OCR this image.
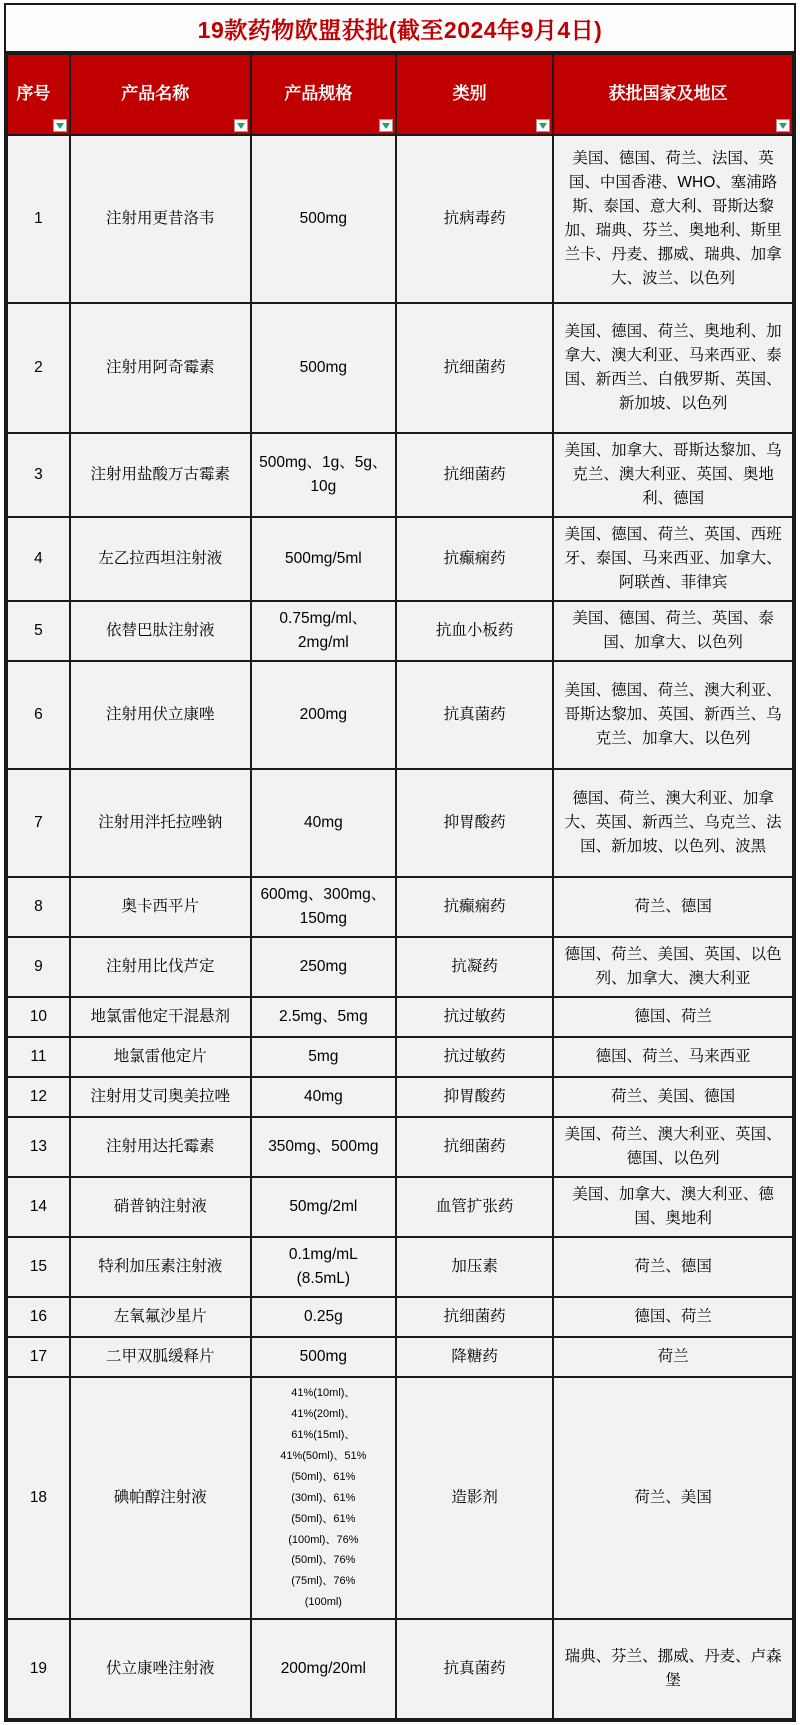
19款药物欧盟获批(截至2024年9月4日)

序号	产品名称	产品规格	类别	获批国家及地区

1	注射用更昔洛韦	500mg	抗病毒药	美国、德国、荷兰、法国、英国、中国香港、WHO、塞浦路斯、泰国、意大利、哥斯达黎加、瑞典、芬兰、奥地利、斯里兰卡、丹麦、挪威、瑞典、加拿大、波兰、以色列
2	注射用阿奇霉素	500mg	抗细菌药	美国、德国、荷兰、奥地利、加拿大、澳大利亚、马来西亚、泰国、新西兰、白俄罗斯、英国、新加坡、以色列
3	注射用盐酸万古霉素	500mg、1g、5g、10g	抗细菌药	美国、加拿大、哥斯达黎加、乌克兰、澳大利亚、英国、奥地利、德国
4	左乙拉西坦注射液	500mg/5ml	抗癫痫药	美国、德国、荷兰、英国、西班牙、泰国、马来西亚、加拿大、阿联酋、菲律宾
5	依替巴肽注射液	0.75mg/ml、
2mg/ml	抗血小板药	美国、德国、荷兰、英国、泰国、加拿大、以色列
6	注射用伏立康唑	200mg	抗真菌药	美国、德国、荷兰、澳大利亚、哥斯达黎加、英国、新西兰、乌克兰、加拿大、以色列
7	注射用泮托拉唑钠	40mg	抑胃酸药	德国、荷兰、澳大利亚、加拿大、英国、新西兰、乌克兰、法国、新加坡、以色列、波黑
8	奥卡西平片	600mg、300mg、
150mg	抗癫痫药	荷兰、德国
9	注射用比伐芦定	250mg	抗凝药	德国、荷兰、美国、英国、以色列、加拿大、澳大利亚
10	地氯雷他定干混悬剂	2.5mg、5mg	抗过敏药	德国、荷兰
11	地氯雷他定片	5mg	抗过敏药	德国、荷兰、马来西亚
12	注射用艾司奥美拉唑	40mg	抑胃酸药	荷兰、美国、德国
13	注射用达托霉素	350mg、500mg	抗细菌药	美国、荷兰、澳大利亚、英国、德国、以色列
14	硝普钠注射液	50mg/2ml	血管扩张药	美国、加拿大、澳大利亚、德国、奥地利
15	特利加压素注射液	0.1mg/mL
(8.5mL)	加压素	荷兰、德国
16	左氧氟沙星片	0.25g	抗细菌药	德国、荷兰
17	二甲双胍缓释片	500mg	降糖药	荷兰
18	碘帕醇注射液	41%(10ml)、
41%(20ml)、
61%(15ml)、
41%(50ml)、51%
(50ml)、61%
(30ml)、61%
(50ml)、61%
(100ml)、76%
(50ml)、76%
(75ml)、76%
(100ml)	造影剂	荷兰、美国
19	伏立康唑注射液	200mg/20ml	抗真菌药	瑞典、芬兰、挪威、丹麦、卢森堡
